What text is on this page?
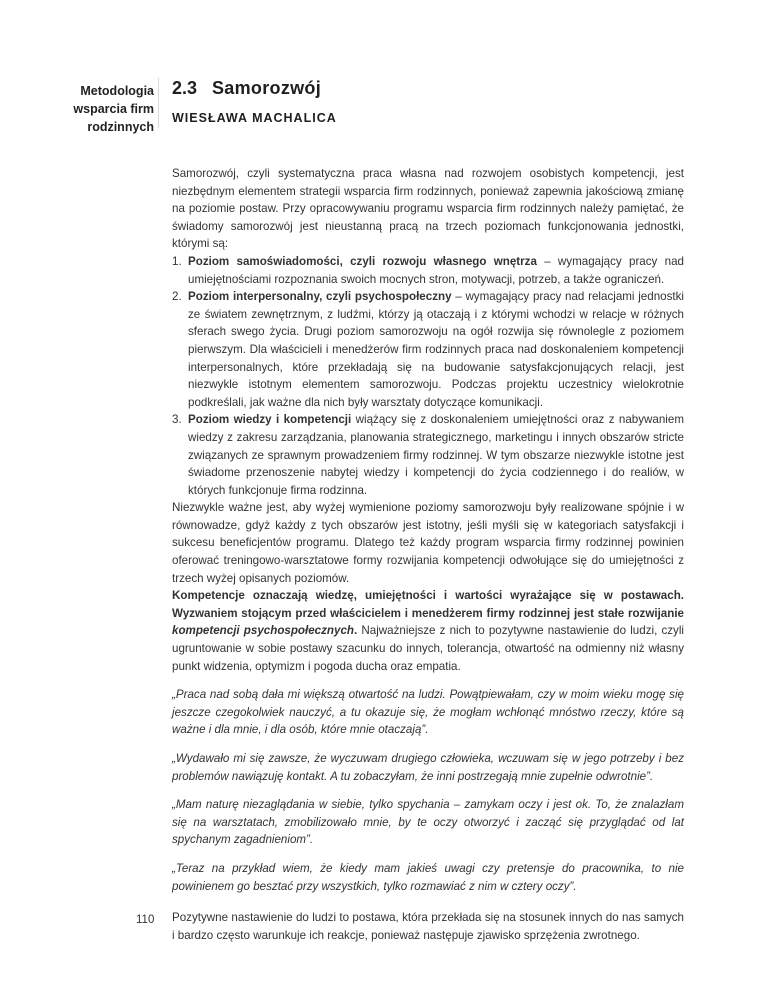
Metodologia
wsparcia firm
rodzinnych
2.3 Samorozwój
WIESŁAWA MACHALICA

Samorozwój, czyli systematyczna praca własna nad rozwojem osobistych kompetencji, jest niezbędnym elementem strategii wsparcia firm rodzinnych, ponieważ zapewnia jakościową zmianę na poziomie postaw. Przy opracowywaniu programu wsparcia firm rodzinnych należy pamiętać, że świadomy samorozwój jest nieustanną pracą na trzech poziomach funkcjonowania jednostki, którymi są:

1. Poziom samoświadomości, czyli rozwoju własnego wnętrza – wymagający pracy nad umiejętnościami rozpoznania swoich mocnych stron, motywacji, potrzeb, a także ograniczeń.
2. Poziom interpersonalny, czyli psychospołeczny – wymagający pracy nad relacjami jednostki ze światem zewnętrznym, z ludźmi, którzy ją otaczają i z którymi wchodzi w relacje w różnych sferach swego życia. Drugi poziom samorozwoju na ogół rozwija się równolegle z poziomem pierwszym. Dla właścicieli i menedżerów firm rodzinnych praca nad doskonaleniem kompetencji interpersonalnych, które przekładają się na budowanie satysfakcjonujących relacji, jest niezwykle istotnym elementem samorozwoju. Podczas projektu uczestnicy wielokrotnie podkreślali, jak ważne dla nich były warsztaty dotyczące komunikacji.
3. Poziom wiedzy i kompetencji wiążący się z doskonaleniem umiejętności oraz z nabywaniem wiedzy z zakresu zarządzania, planowania strategicznego, marketingu i innych obszarów stricte związanych ze sprawnym prowadzeniem firmy rodzinnej. W tym obszarze niezwykle istotne jest świadome przenoszenie nabytej wiedzy i kompetencji do życia codziennego i do realiów, w których funkcjonuje firma rodzinna.

Niezwykle ważne jest, aby wyżej wymienione poziomy samorozwoju były realizowane spójnie i w równowadze, gdyż każdy z tych obszarów jest istotny, jeśli myśli się w kategoriach satysfakcji i sukcesu beneficjentów programu. Dlatego też każdy program wsparcia firmy rodzinnej powinien oferować treningowo-warsztatowe formy rozwijania kompetencji odwołujące się do umiejętności z trzech wyżej opisanych poziomów.

Kompetencje oznaczają wiedzę, umiejętności i wartości wyrażające się w postawach. Wyzwaniem stojącym przed właścicielem i menedżerem firmy rodzinnej jest stałe rozwijanie kompetencji psychospołecznych. Najważniejsze z nich to pozytywne nastawienie do ludzi, czyli ugruntowanie w sobie postawy szacunku do innych, tolerancja, otwartość na odmienny niż własny punkt widzenia, optymizm i pogoda ducha oraz empatia.

„Praca nad sobą dała mi większą otwartość na ludzi. Powątpiewałam, czy w moim wieku mogę się jeszcze czegokolwiek nauczyć, a tu okazuje się, że mogłam wchłonąć mnóstwo rzeczy, które są ważne i dla mnie, i dla osób, które mnie otaczają”.

„Wydawało mi się zawsze, że wyczuwam drugiego człowieka, wczuwam się w jego potrzeby i bez problemów nawiązuję kontakt. A tu zobaczyłam, że inni postrzegają mnie zupełnie odwrotnie”.

„Mam naturę niezaglądania w siebie, tylko spychania – zamykam oczy i jest ok. To, że znalazłam się na warsztatach, zmobilizowało mnie, by te oczy otworzyć i zacząć się przyglądać od lat spychanym zagadnieniom”.

„Teraz na przykład wiem, że kiedy mam jakieś uwagi czy pretensje do pracownika, to nie powinienem go besztać przy wszystkich, tylko rozmawiać z nim w cztery oczy”.

Pozytywne nastawienie do ludzi to postawa, która przekłada się na stosunek innych do nas samych i bardzo często warunkuje ich reakcje, ponieważ następuje zjawisko sprzężenia zwrotnego.

110
